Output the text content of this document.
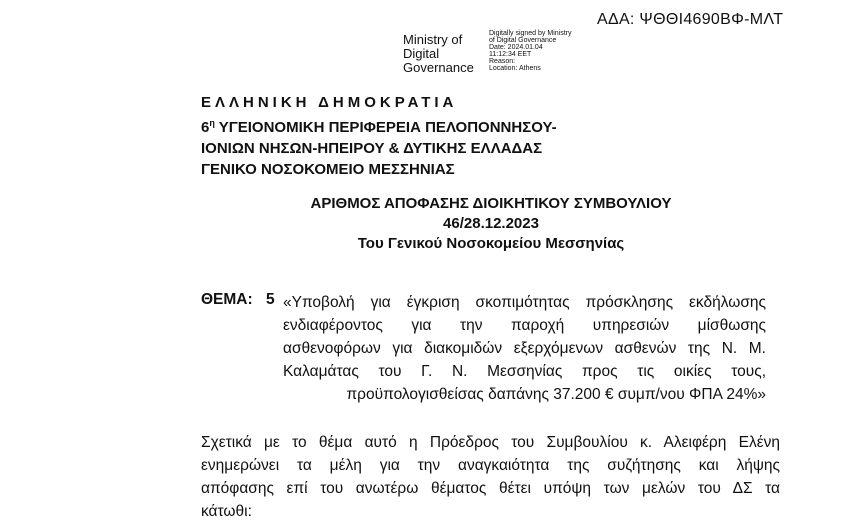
ΑΔΑ: ΨΘΘΙ4690ΒΦ-ΜΛΤ
Ministry of
Digital
Governance
Digitally signed by Ministry
of Digital Governance
Date: 2024.01.04
11:12:34 EET
Reason:
Location: Athens
ΕΛΛΗΝΙΚΗ ΔΗΜΟΚΡΑΤΙΑ
$6^\eta$ ΥΓΕΙΟΝΟΜΙΚΗ ΠΕΡΙΦΕΡΕΙΑ ΠΕΛΟΠΟΝΝΗΣΟΥ-
ΙΟΝΙΩΝ ΝΗΣΩΝ-ΗΠΕΙΡΟΥ & ΔΥΤΙΚΗΣ ΕΛΛΑΔΑΣ
ΓΕΝΙΚΟ ΝΟΣΟΚΟΜΕΙΟ ΜΕΣΣΗΝΙΑΣ
ΑΡΙΘΜΟΣ ΑΠΟΦΑΣΗΣ ΔΙΟΙΚΗΤΙΚΟΥ ΣΥΜΒΟΥΛΙΟΥ
46/28.12.2023
Του Γενικού Νοσοκομείου Μεσσηνίας
ΘΕΜΑ: 5 «Υποβολή για έγκριση σκοπιμότητας πρόσκλησης εκδήλωσης
ενδιαφέροντος για την παροχή υπηρεσιών μίσθωσης
ασθενοφόρων για διακομιδών εξερχόμενων ασθενών της Ν. Μ.
Καλαμάτας του Γ. Ν. Μεσσηνίας προς τις οικίες τους,
προϋπολογισθείσας δαπάνης 37.200 € συμπ/νου ΦΠΑ 24%»
Σχετικά με το θέμα αυτό η Πρόεδρος του Συμβουλίου κ. Αλειφέρη Ελένη
ενημερώνει τα μέλη για την αναγκαιότητα της συζήτησης και λήψης
απόφασης επί του ανωτέρω θέματος θέτει υπόψη των μελών του ΔΣ τα
κάτωθι:
